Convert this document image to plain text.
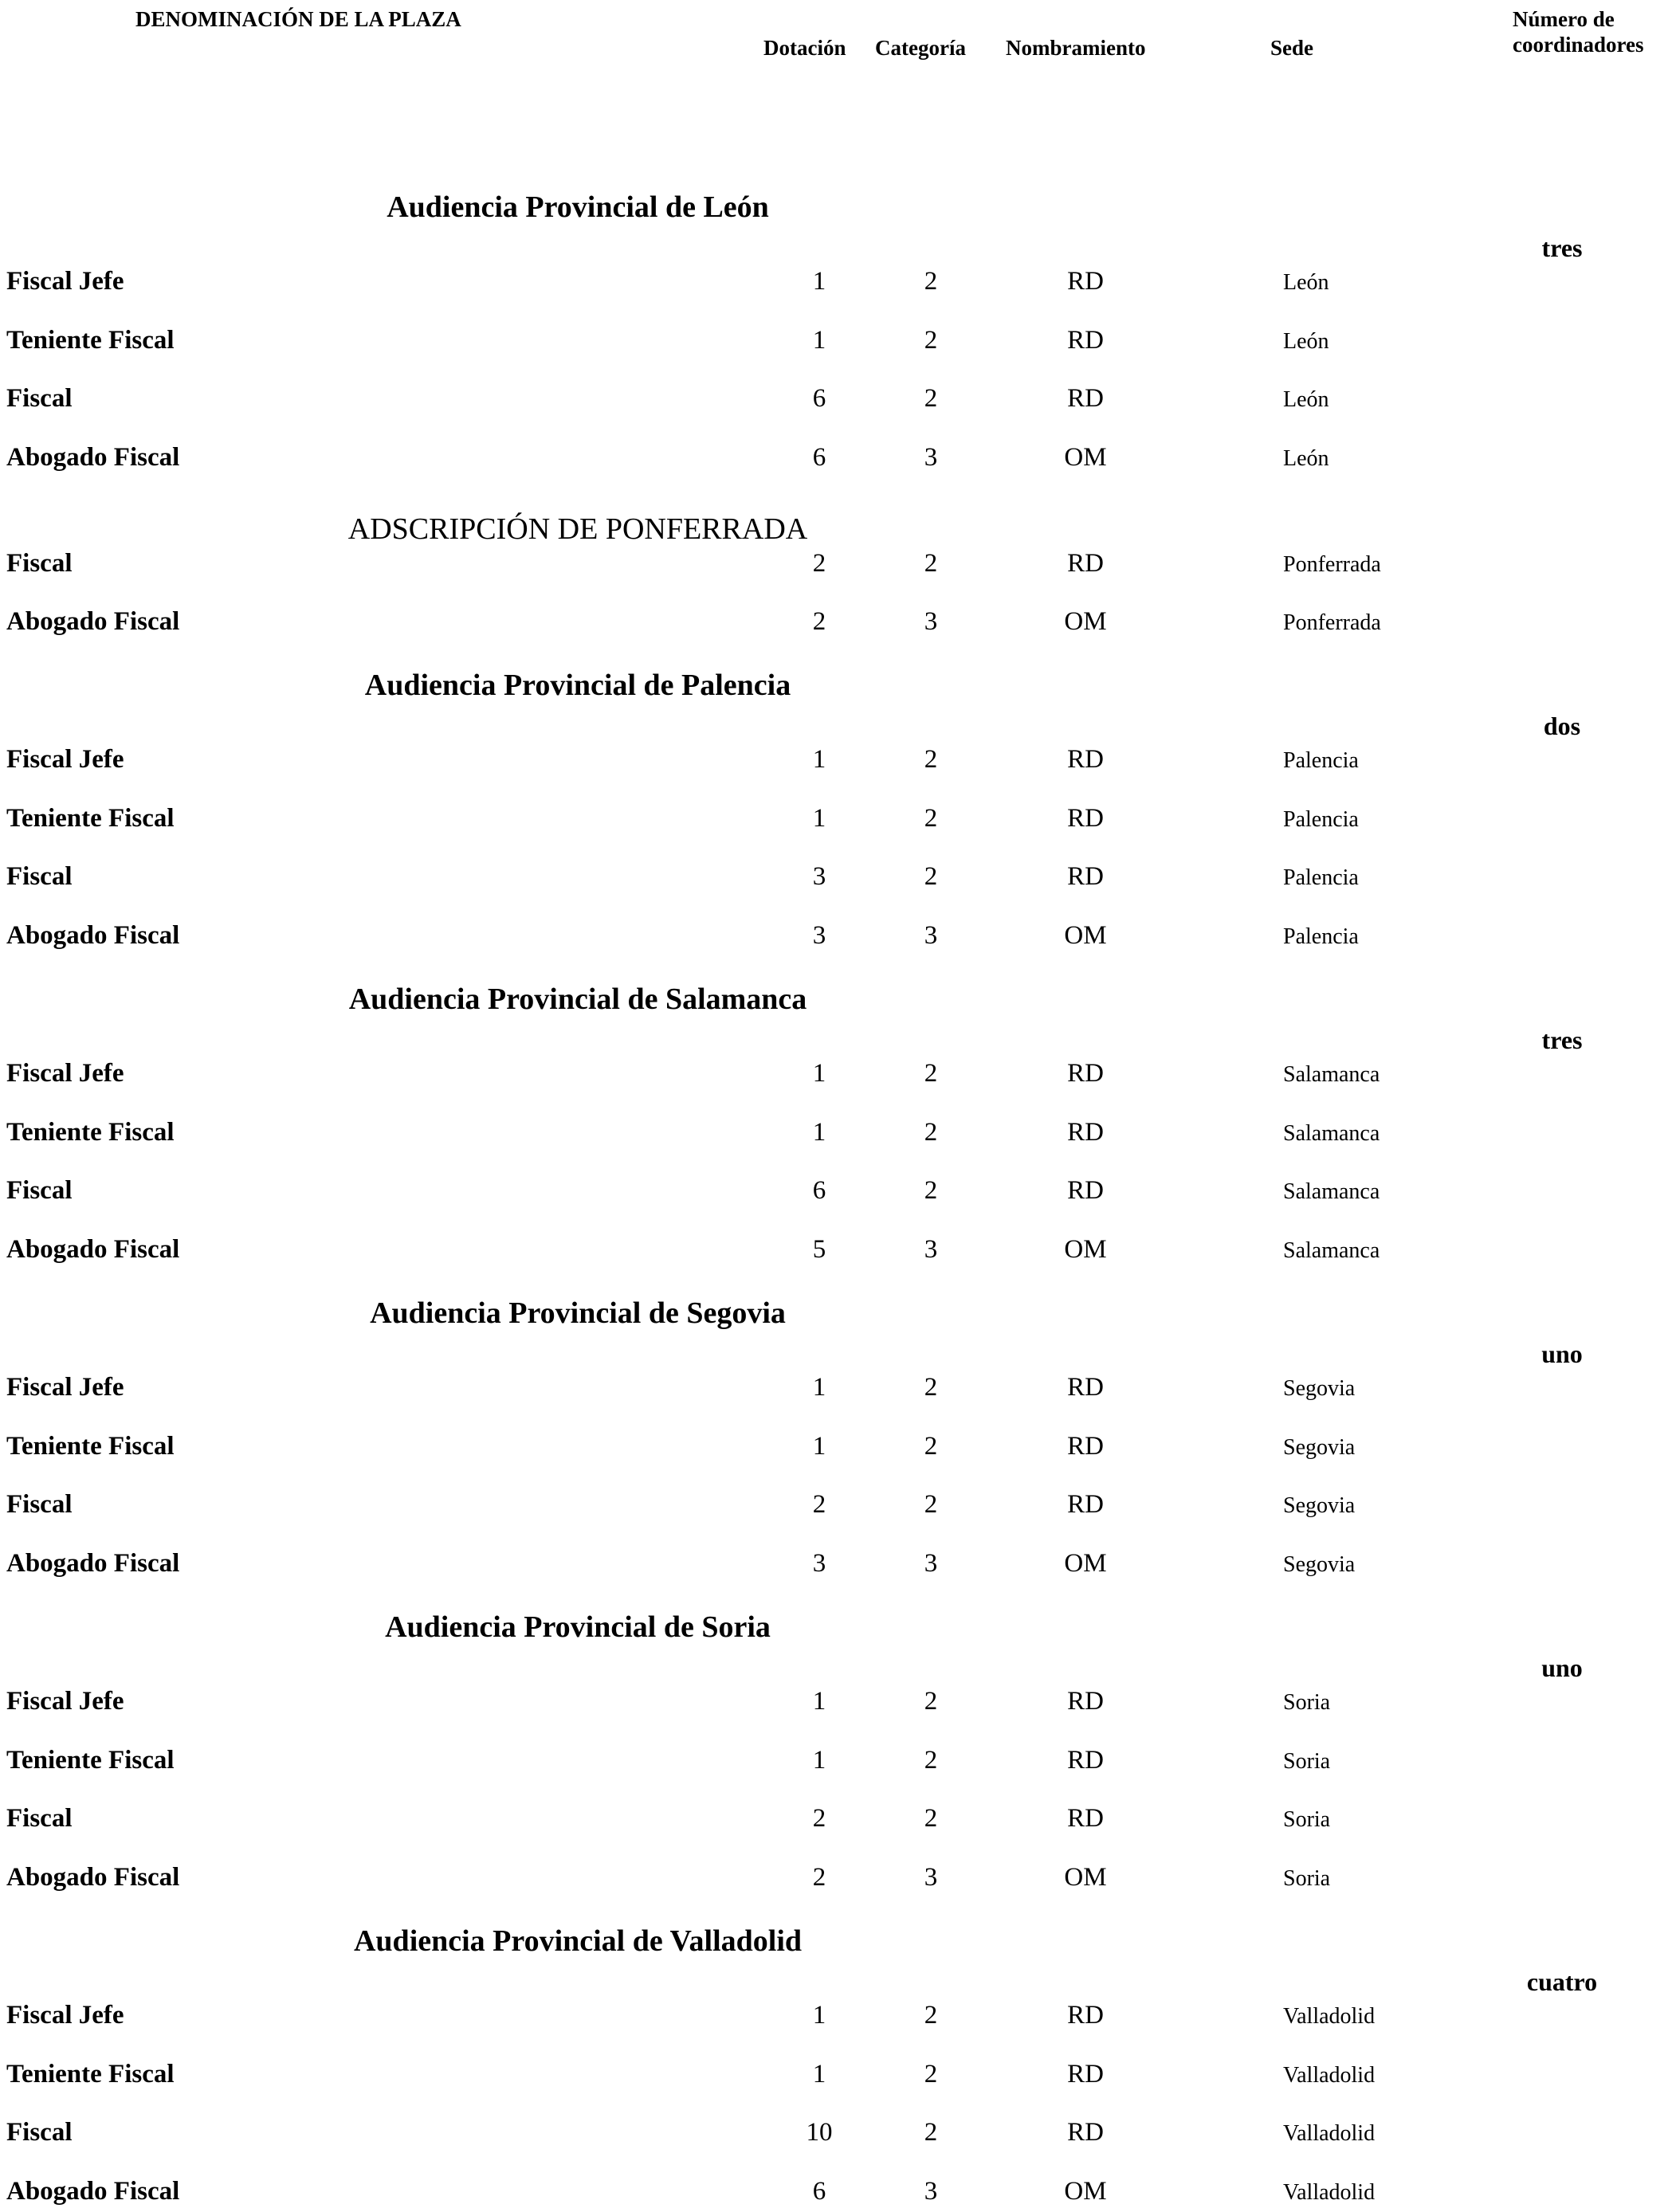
DENOMINACIÓN DE LA PLAZA
Dotación Categoría Nombramiento	Sede
Número de
coordinadores
Audiencia Provincial de León
tres
Fiscal Jefe	1	2	RD	León
Teniente Fiscal	1	2	RD	León
Fiscal	6	2	RD	León
Abogado Fiscal	6	3	OM	León
ADSCRIPCIÓN DE PONFERRADA
Fiscal	2	2	RD	Ponferrada
Abogado Fiscal	2	3	OM	Ponferrada
Audiencia Provincial de Palencia
dos
Fiscal Jefe	1	2	RD	Palencia
Teniente Fiscal	1	2	RD	Palencia
Fiscal	3	2	RD	Palencia
Abogado Fiscal	3	3	OM	Palencia
Audiencia Provincial de Salamanca
tres
Fiscal Jefe	1	2	RD	Salamanca
Teniente Fiscal	1	2	RD	Salamanca
Fiscal	6	2	RD	Salamanca
Abogado Fiscal	5	3	OM	Salamanca
Audiencia Provincial de Segovia
uno
Fiscal Jefe	1	2	RD	Segovia
Teniente Fiscal	1	2	RD	Segovia
Fiscal	2	2	RD	Segovia
Abogado Fiscal	3	3	OM	Segovia
Audiencia Provincial de Soria
uno
Fiscal Jefe	1	2	RD	Soria
Teniente Fiscal	1	2	RD	Soria
Fiscal	2	2	RD	Soria
Abogado Fiscal	2	3	OM	Soria
Audiencia Provincial de Valladolid
cuatro
Fiscal Jefe	1	2	RD	Valladolid
Teniente Fiscal	1	2	RD	Valladolid
Fiscal	10	2	RD	Valladolid
Abogado Fiscal	6	3	OM	Valladolid
